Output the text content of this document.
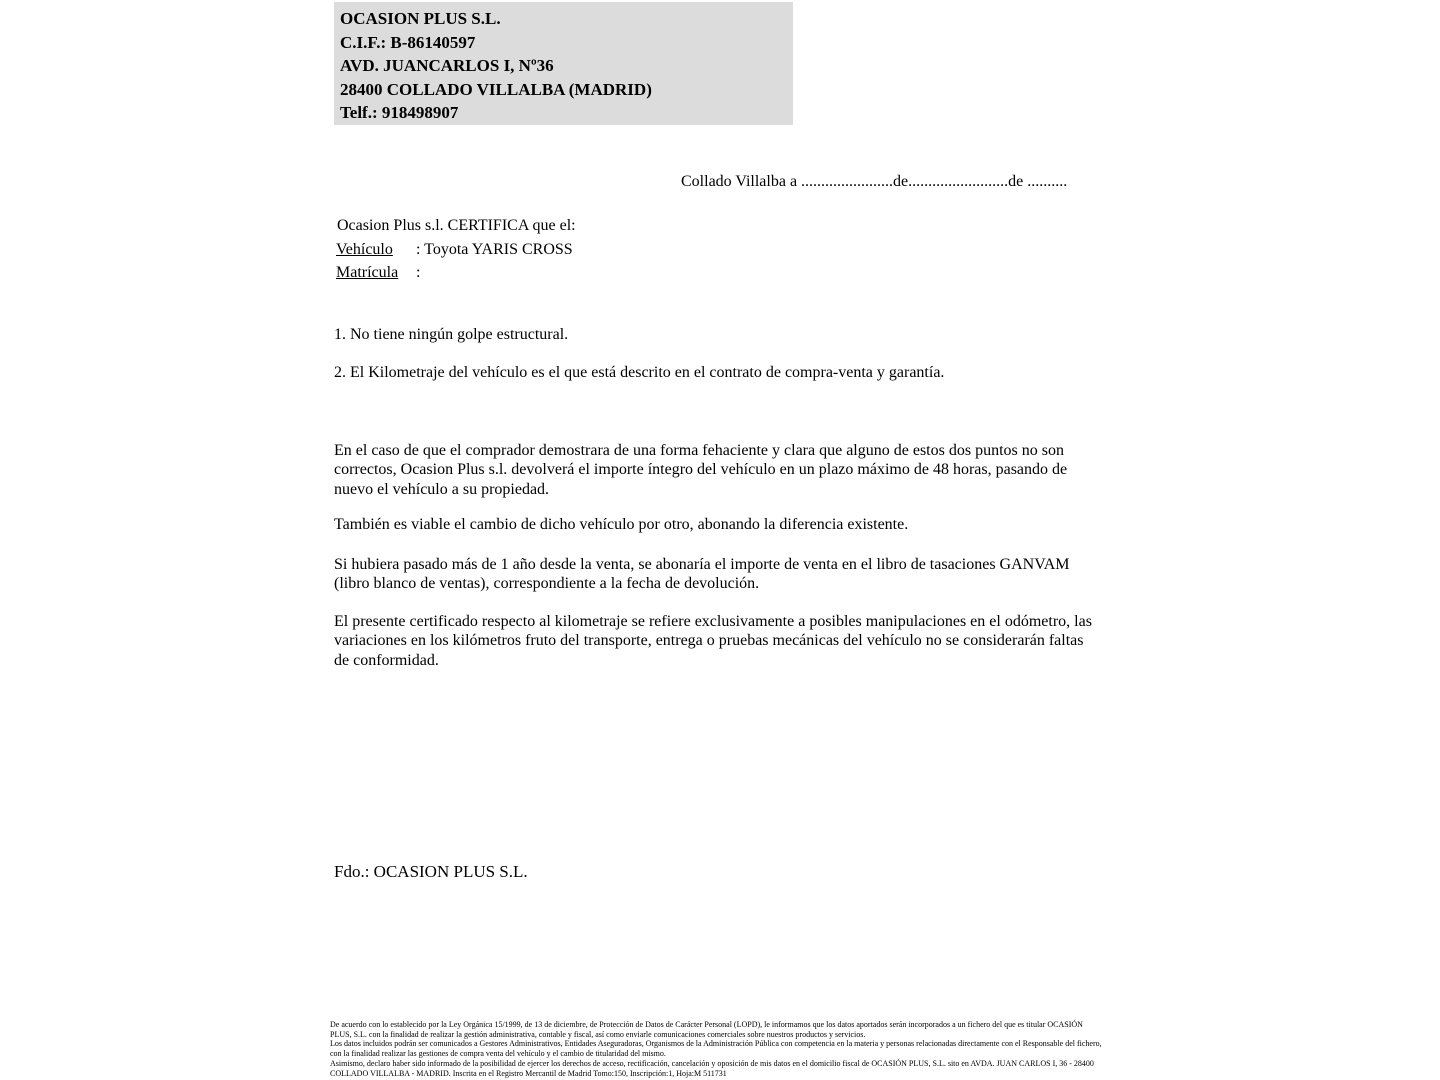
OCASION PLUS S.L.
C.I.F.: B-86140597
AVD. JUANCARLOS I, Nº36
28400 COLLADO VILLALBA (MADRID)
Telf.: 918498907
Collado Villalba a .......................de.........................de ..........
Ocasion Plus s.l. CERTIFICA que el:
Vehículo : Toyota YARIS CROSS
Matrícula :
1. No tiene ningún golpe estructural.
2. El Kilometraje del vehículo es el que está descrito en el contrato de compra-venta y garantía.
En el caso de que el comprador demostrara de una forma fehaciente y clara que alguno de estos dos puntos no son correctos, Ocasion Plus s.l. devolverá el importe íntegro del vehículo en un plazo máximo de 48 horas, pasando de nuevo el vehículo a su propiedad.
También es viable el cambio de dicho vehículo por otro, abonando la diferencia existente.
Si hubiera pasado más de 1 año desde la venta, se abonaría el importe de venta en el libro de tasaciones GANVAM (libro blanco de ventas), correspondiente a la fecha de devolución.
El presente certificado respecto al kilometraje se refiere exclusivamente a posibles manipulaciones en el odómetro, las variaciones en los kilómetros fruto del transporte, entrega o pruebas mecánicas del vehículo no se considerarán faltas de conformidad.
Fdo.: OCASION PLUS S.L.
De acuerdo con lo establecido por la Ley Orgánica 15/1999, de 13 de diciembre, de Protección de Datos de Carácter Personal (LOPD), le informamos que los datos aportados serán incorporados a un fichero del que es titular OCASIÓN PLUS, S.L. con la finalidad de realizar la gestión administrativa, contable y fiscal, así como enviarle comunicaciones comerciales sobre nuestros productos y servicios.
Los datos incluidos podrán ser comunicados a Gestores Administrativos, Entidades Aseguradoras, Organismos de la Administración Pública con competencia en la materia y personas relacionadas directamente con el Responsable del fichero, con la finalidad realizar las gestiones de compra venta del vehículo y el cambio de titularidad del mismo.
Asimismo, declaro haber sido informado de la posibilidad de ejercer los derechos de acceso, rectificación, cancelación y oposición de mis datos en el domicilio fiscal de OCASIÓN PLUS, S.L. sito en AVDA. JUAN CARLOS I, 36 - 28400 COLLADO VILLALBA - MADRID. Inscrita en el Registro Mercantil de Madrid Tomo:150, Inscripción:1, Hoja:M 511731
